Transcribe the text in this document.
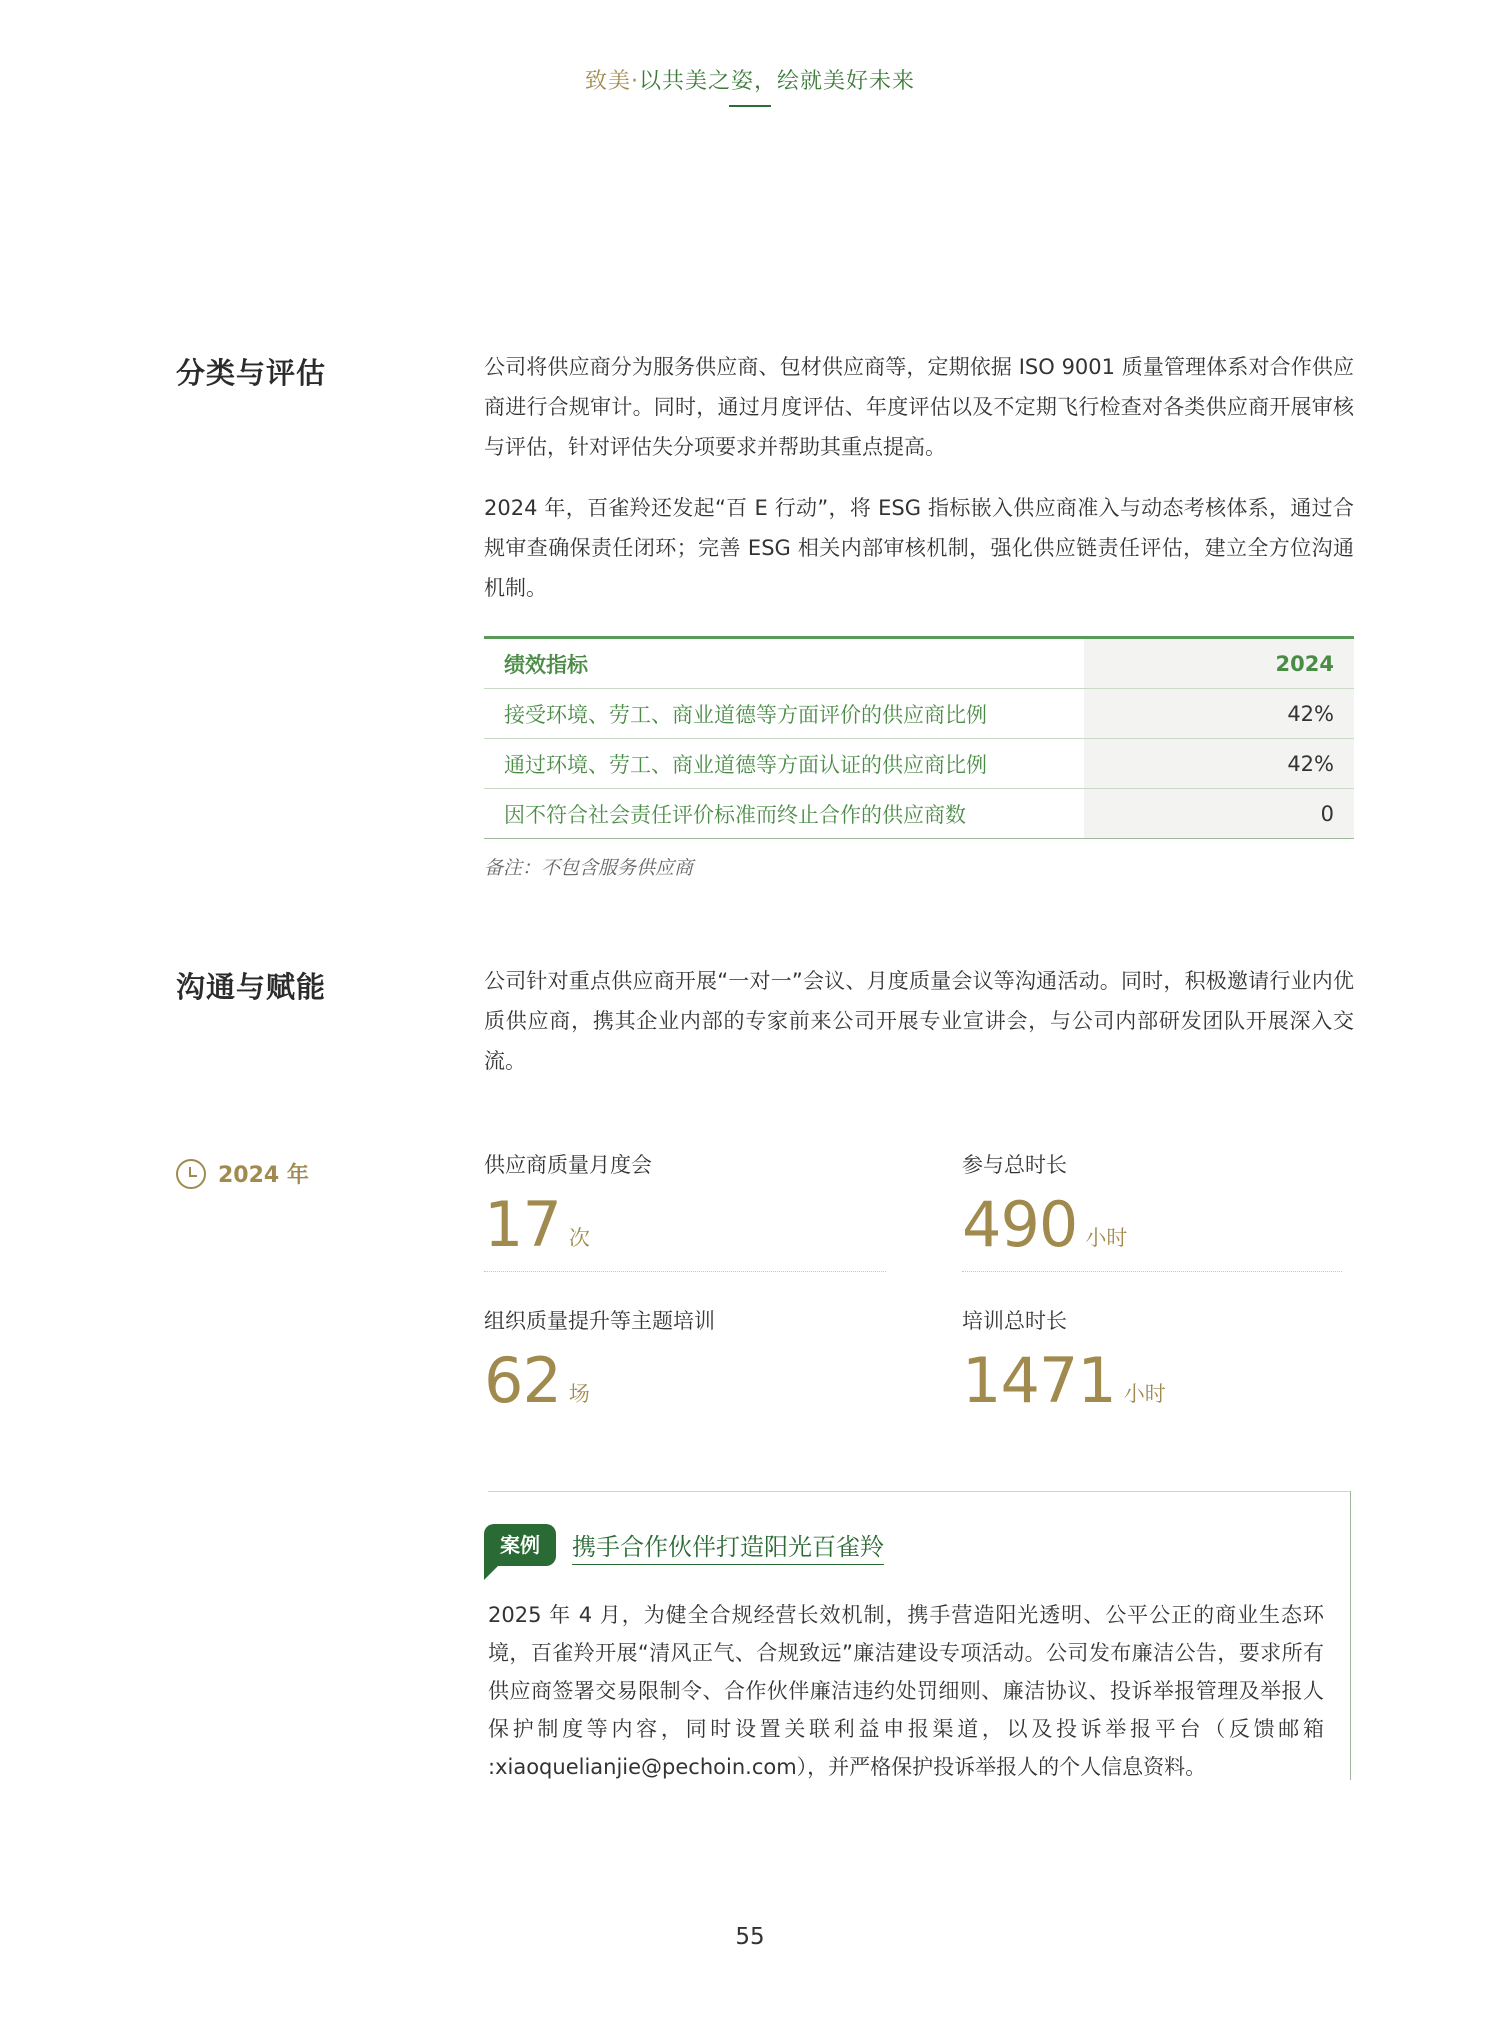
致美·以共美之姿，绘就美好未来
分类与评估	公司将供应商分为服务供应商、包材供应商等，定期依据 ISO 9001 质量管理体系对合作供应商进行合规审计。同时，通过月度评估、年度评估以及不定期飞行检查对各类供应商开展审核与评估，针对评估失分项要求并帮助其重点提高。

2024 年，百雀羚还发起“百 E 行动”，将 ESG 指标嵌入供应商准入与动态考核体系，通过合规审查确保责任闭环；完善 ESG 相关内部审核机制，强化供应链责任评估，建立全方位沟通机制。

绩效指标	2024
接受环境、劳工、商业道德等方面评价的供应商比例	42%
通过环境、劳工、商业道德等方面认证的供应商比例	42%
因不符合社会责任评价标准而终止合作的供应商数	0
备注：不包含服务供应商
沟通与赋能	公司针对重点供应商开展“一对一”会议、月度质量会议等沟通活动。同时，积极邀请行业内优质供应商，携其企业内部的专家前来公司开展专业宣讲会，与公司内部研发团队开展深入交流。

2024 年	供应商质量月度会
17 次
参与总时长
490 小时
组织质量提升等主题培训
62 场
培训总时长
1471 小时
案例	携手合作伙伴打造阳光百雀羚

2025 年 4 月，为健全合规经营长效机制，携手营造阳光透明、公平公正的商业生态环境，百雀羚开展“清风正气、合规致远”廉洁建设专项活动。公司发布廉洁公告，要求所有供应商签署交易限制令、合作伙伴廉洁违约处罚细则、廉洁协议、投诉举报管理及举报人保护制度等内容，同时设置关联利益申报渠道，以及投诉举报平台（反馈邮箱 :xiaoquelianjie@pechoin.com），并严格保护投诉举报人的个人信息资料。

55
